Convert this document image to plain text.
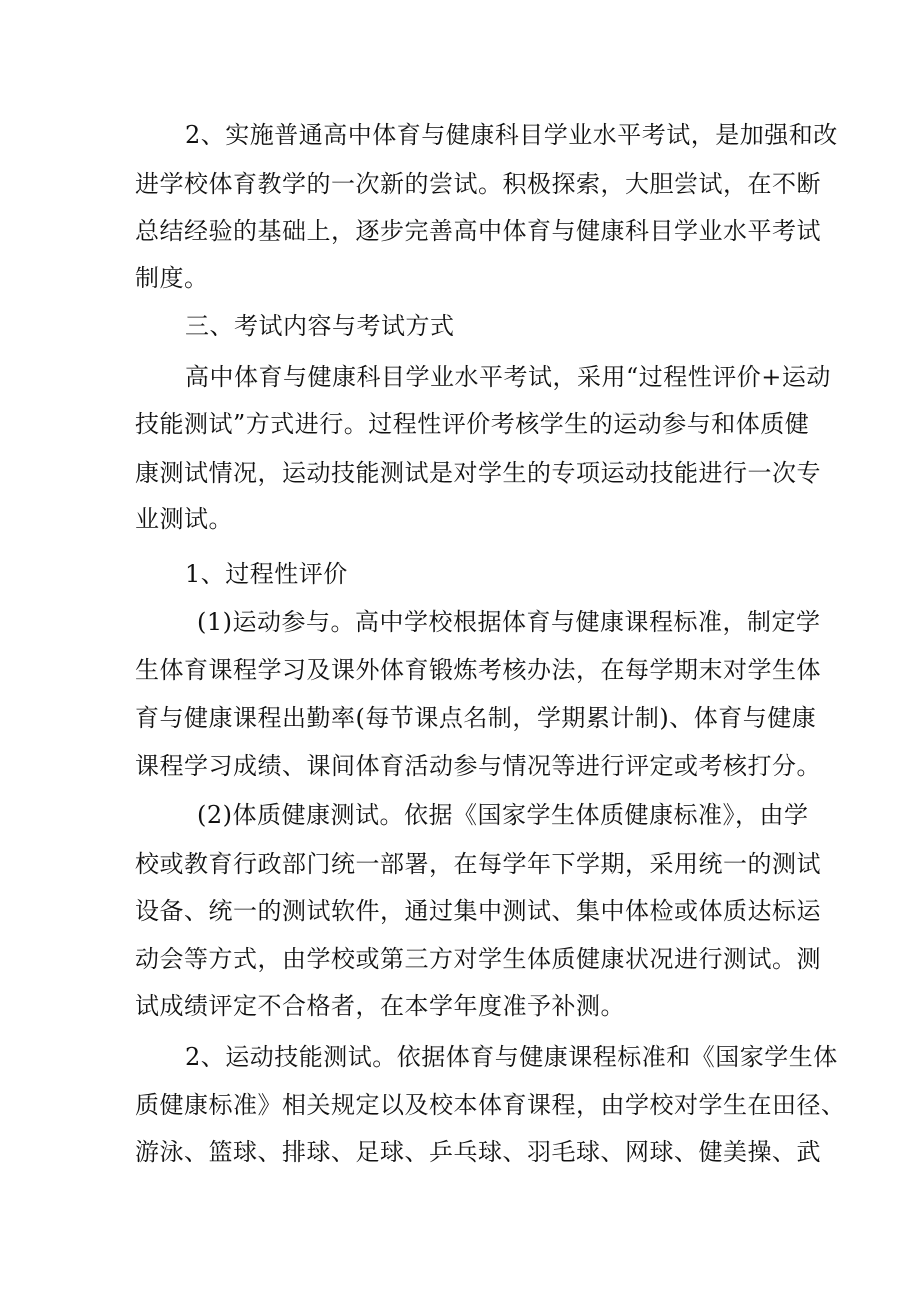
2、实施普通高中体育与健康科目学业水平考试，是加强和改
进学校体育教学的一次新的尝试。积极探索，大胆尝试，在不断
总结经验的基础上，逐步完善高中体育与健康科目学业水平考试
制度。
三、考试内容与考试方式
高中体育与健康科目学业水平考试，采用“过程性评价+运动
技能测试”方式进行。过程性评价考核学生的运动参与和体质健
康测试情况，运动技能测试是对学生的专项运动技能进行一次专
业测试。
1、过程性评价
(1)运动参与。高中学校根据体育与健康课程标准，制定学
生体育课程学习及课外体育锻炼考核办法，在每学期末对学生体
育与健康课程出勤率(每节课点名制，学期累计制)、体育与健康
课程学习成绩、课间体育活动参与情况等进行评定或考核打分。
(2)体质健康测试。依据《国家学生体质健康标准》，由学
校或教育行政部门统一部署，在每学年下学期，采用统一的测试
设备、统一的测试软件，通过集中测试、集中体检或体质达标运
动会等方式，由学校或第三方对学生体质健康状况进行测试。测
试成绩评定不合格者，在本学年度准予补测。
2、运动技能测试。依据体育与健康课程标准和《国家学生体
质健康标准》相关规定以及校本体育课程，由学校对学生在田径、
游泳、篮球、排球、足球、乒乓球、羽毛球、网球、健美操、武
